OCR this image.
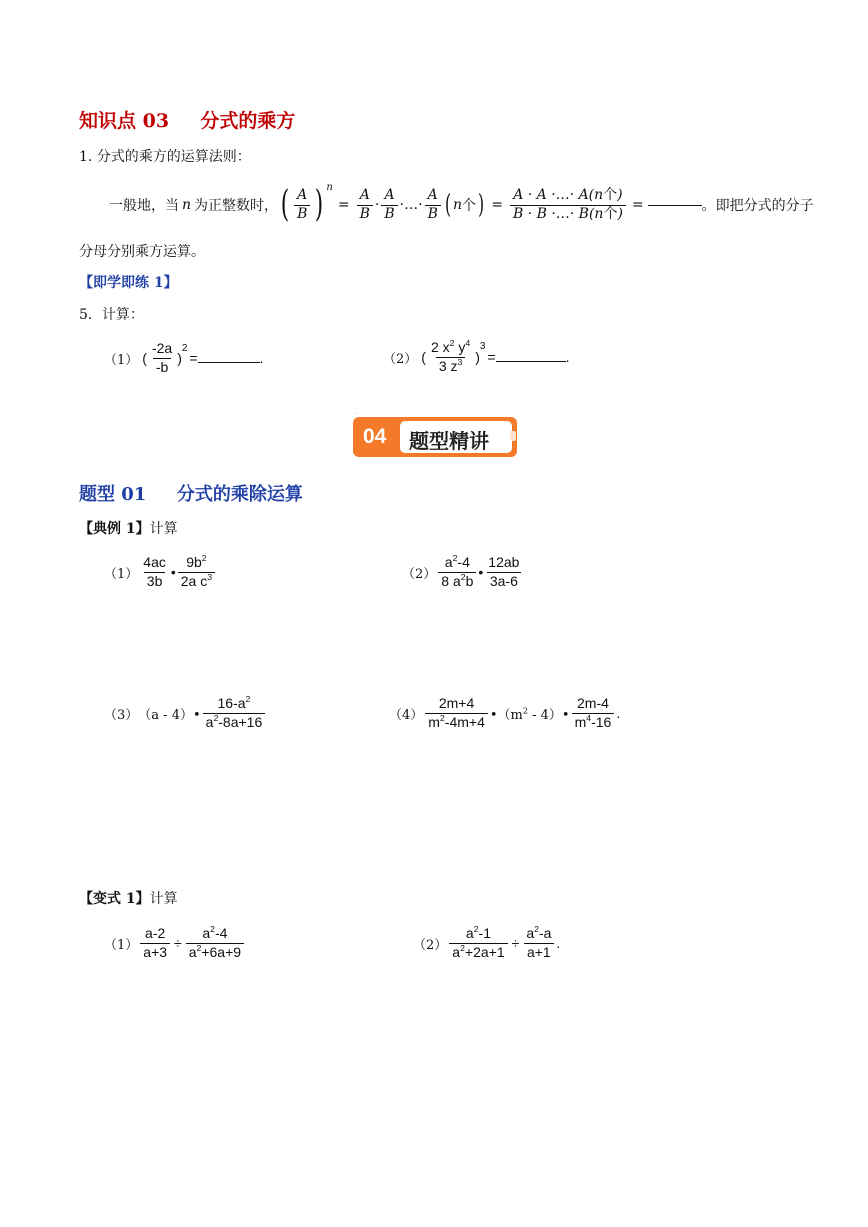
知识点 03 分式的乘方
1. 分式的乘方的运算法则：
一般地，当 n 为正整数时， ( $\frac{A}{B}$ ) n
= $\frac{A}{B} \cdot \frac{A}{B}$ · … · $\frac{A}{B}$ ( n 个 ) = $\frac{\text{A · A ·…· A(n个)}}{\text{B · B ·…· B(n个)}}$ =	。即把分式的分子
分母分别乘方运算。
【即学即练 1】
5．计算：
（1） ( $\frac{-2a}{-b}$ )
2
=	.	（2） ( $\frac{2 x^2 y^4}{3 z^3}$ )
3
=	.
04 题型精讲
题型 01 分式的乘除运算
【典例 1】计算
$(1) \frac{4ac}{3b}$ • $\frac{9b^2}{2a c^3}$	$(2) \frac{a^2-4}{8 a^2b}$ • $\frac{12ab}{3a-6}$
（3） （a - 4）• $\frac{16-a^2}{a^2-8a+16}$	$(4) \frac{2m+4}{m^2-4m+4}$ $•(m^2$ - 4）• $\frac{2m-4}{m^4-16}$ .
【变式 1】计算
$(1) \frac{a-2}{a+3} \div \frac{a^2-4}{a^2+6a+9}$	$(2) \frac{a^2-1}{a^2+2a+1} \div \frac{a^2-a}{a+1}$ .
